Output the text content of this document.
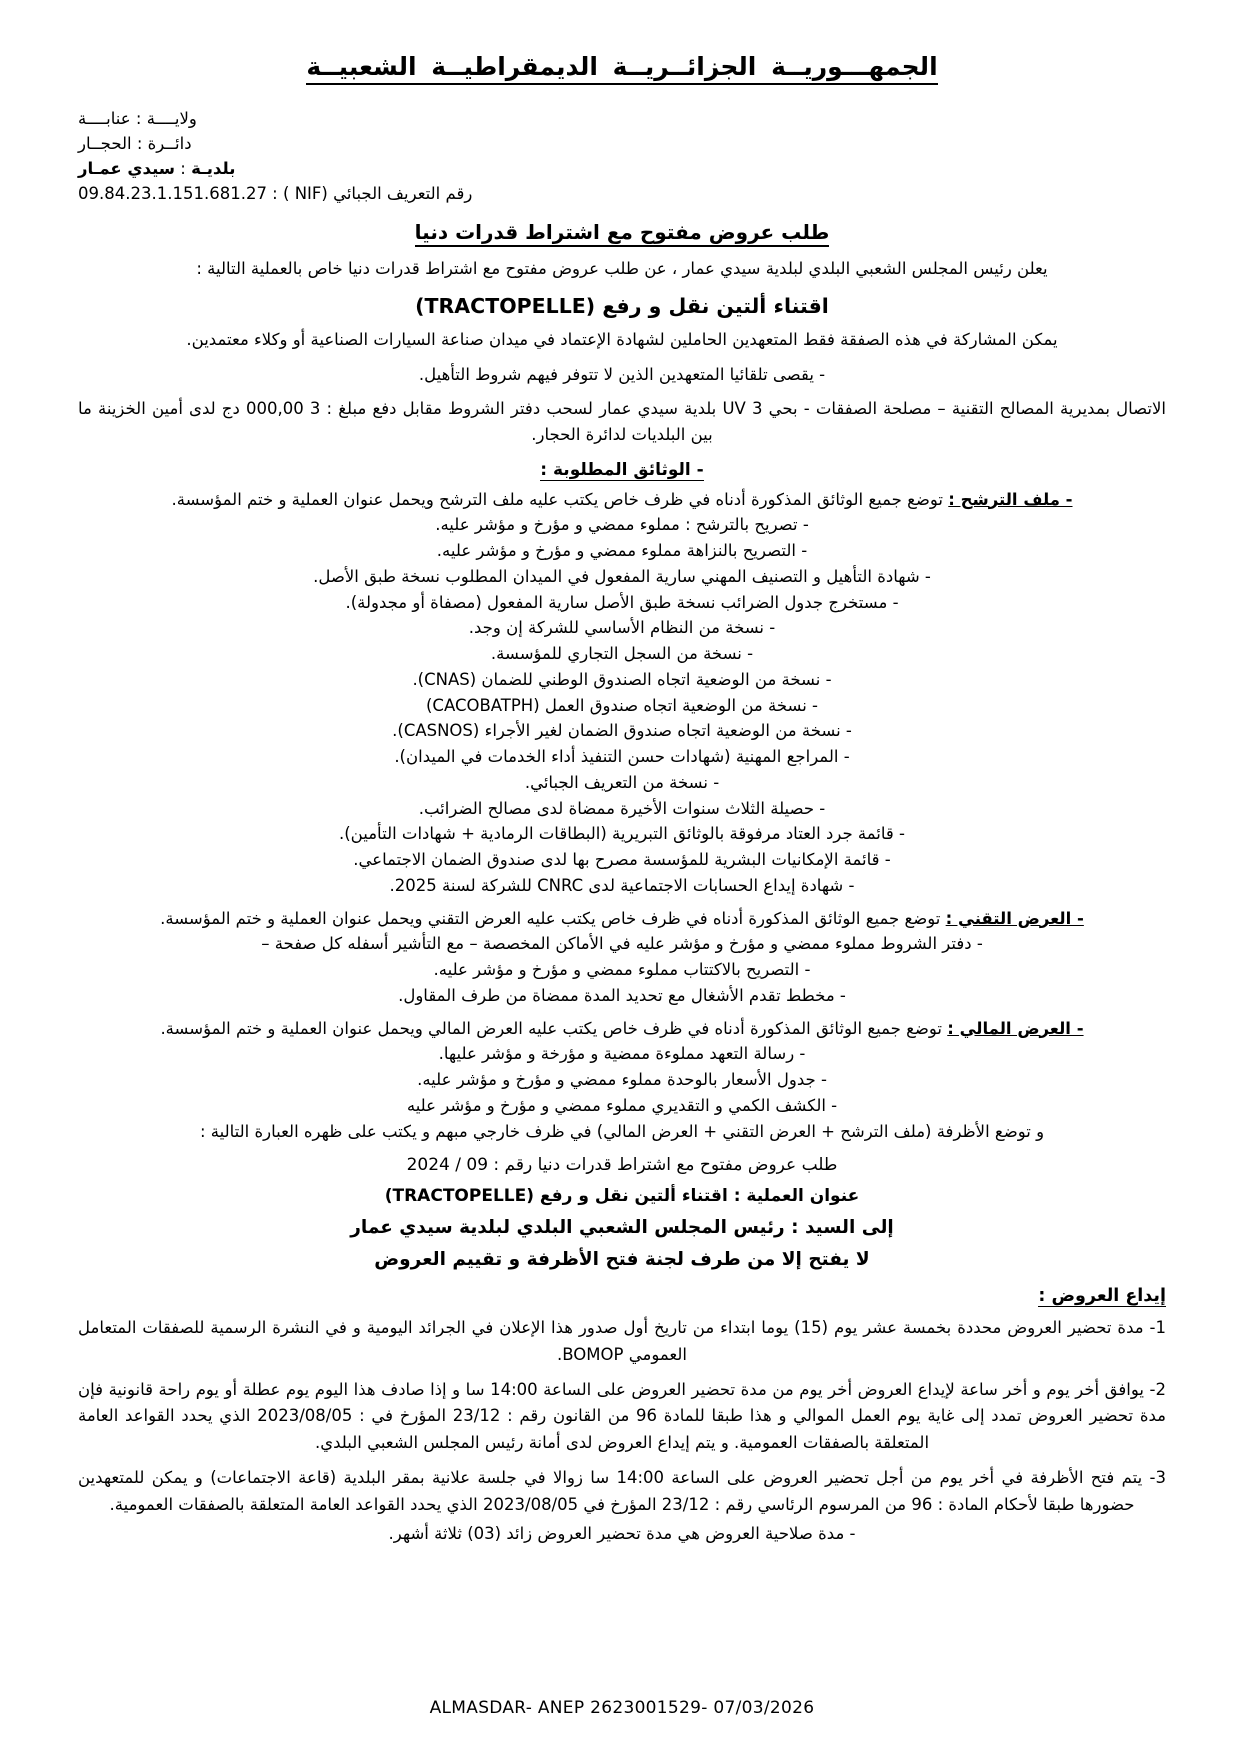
الجمهـــوريــة الجزائــريــة الديمقراطيــة الشعبيــة
ولايــــة : عنابــــة
دائــرة : الحجــار
بلديـة : سيدي عمـار
رقم التعريف الجبائي (NIF ) : 09.84.23.1.151.681.27
طلب عروض مفتوح مع اشتراط قدرات دنيا
يعلن رئيس المجلس الشعبي البلدي لبلدية سيدي عمار ، عن طلب عروض مفتوح مع اشتراط قدرات دنيا خاص بالعملية التالية :
اقتناء ألتين نقل و رفع (TRACTOPELLE)
يمكن المشاركة في هذه الصفقة فقط المتعهدين الحاملين لشهادة الإعتماد في ميدان صناعة السيارات الصناعية أو وكلاء معتمدين.
- يقصى تلقائيا المتعهدين الذين لا تتوفر فيهم شروط التأهيل.
الاتصال بمديرية المصالح التقنية – مصلحة الصفقات - بحي UV 3 بلدية سيدي عمار لسحب دفتر الشروط مقابل دفع مبلغ : 3 000,00 دج لدى أمين الخزينة ما بين البلديات لدائرة الحجار.
- الوثائق المطلوبة :
- ملف الترشح : توضع جميع الوثائق المذكورة أدناه في ظرف خاص يكتب عليه ملف الترشح ويحمل عنوان العملية و ختم المؤسسة.
- تصريح بالترشح : مملوء ممضي و مؤرخ و مؤشر عليه.
- التصريح بالنزاهة مملوء ممضي و مؤرخ و مؤشر عليه.
- شهادة التأهيل و التصنيف المهني سارية المفعول في الميدان المطلوب نسخة طبق الأصل.
- مستخرج جدول الضرائب نسخة طبق الأصل سارية المفعول (مصفاة أو مجدولة).
- نسخة من النظام الأساسي للشركة إن وجد.
- نسخة من السجل التجاري للمؤسسة.
- نسخة من الوضعية اتجاه الصندوق الوطني للضمان (CNAS).
- نسخة من الوضعية اتجاه صندوق العمل (CACOBATPH)
- نسخة من الوضعية اتجاه صندوق الضمان لغير الأجراء (CASNOS).
- المراجع المهنية (شهادات حسن التنفيذ أداء الخدمات في الميدان).
- نسخة من التعريف الجبائي.
- حصيلة الثلاث سنوات الأخيرة ممضاة لدى مصالح الضرائب.
- قائمة جرد العتاد مرفوقة بالوثائق التبريرية (البطاقات الرمادية + شهادات التأمين).
- قائمة الإمكانيات البشرية للمؤسسة مصرح بها لدى صندوق الضمان الاجتماعي.
- شهادة إيداع الحسابات الاجتماعية لدى CNRC للشركة لسنة 2025.
- العرض التقني : توضع جميع الوثائق المذكورة أدناه في ظرف خاص يكتب عليه العرض التقني ويحمل عنوان العملية و ختم المؤسسة.
- دفتر الشروط مملوء ممضي و مؤرخ و مؤشر عليه في الأماكن المخصصة – مع التأشير أسفله كل صفحة –
- التصريح بالاكتتاب مملوء ممضي و مؤرخ و مؤشر عليه.
- مخطط تقدم الأشغال مع تحديد المدة ممضاة من طرف المقاول.
- العرض المالي : توضع جميع الوثائق المذكورة أدناه في ظرف خاص يكتب عليه العرض المالي ويحمل عنوان العملية و ختم المؤسسة.
- رسالة التعهد مملوءة ممضية و مؤرخة و مؤشر عليها.
- جدول الأسعار بالوحدة مملوء ممضي و مؤرخ و مؤشر عليه.
- الكشف الكمي و التقديري مملوء ممضي و مؤرخ و مؤشر عليه
و توضع الأظرفة (ملف الترشح + العرض التقني + العرض المالي) في ظرف خارجي مبهم و يكتب على ظهره العبارة التالية :
طلب عروض مفتوح مع اشتراط قدرات دنيا رقم : 09 / 2024
عنوان العملية : اقتناء ألتين نقل و رفع (TRACTOPELLE)
إلى السيد : رئيس المجلس الشعبي البلدي لبلدية سيدي عمار
لا يفتح إلا من طرف لجنة فتح الأظرفة و تقييم العروض
إيداع العروض :
1- مدة تحضير العروض محددة بخمسة عشر يوم (15) يوما ابتداء من تاريخ أول صدور هذا الإعلان في الجرائد اليومية و في النشرة الرسمية للصفقات المتعامل العمومي BOMOP.
2- يوافق أخر يوم و أخر ساعة لإيداع العروض أخر يوم من مدة تحضير العروض على الساعة 14:00 سا و إذا صادف هذا اليوم يوم عطلة أو يوم راحة قانونية فإن مدة تحضير العروض تمدد إلى غاية يوم العمل الموالي و هذا طبقا للمادة 96 من القانون رقم : 23/12 المؤرخ في : 2023/08/05 الذي يحدد القواعد العامة المتعلقة بالصفقات العمومية. و يتم إيداع العروض لدى أمانة رئيس المجلس الشعبي البلدي.
3- يتم فتح الأظرفة في أخر يوم من أجل تحضير العروض على الساعة 14:00 سا زوالا في جلسة علانية بمقر البلدية (قاعة الاجتماعات) و يمكن للمتعهدين حضورها طبقا لأحكام المادة : 96 من المرسوم الرئاسي رقم : 23/12 المؤرخ في 2023/08/05 الذي يحدد القواعد العامة المتعلقة بالصفقات العمومية.
- مدة صلاحية العروض هي مدة تحضير العروض زائد (03) ثلاثة أشهر.
ALMASDAR- ANEP 2623001529- 07/03/2026
